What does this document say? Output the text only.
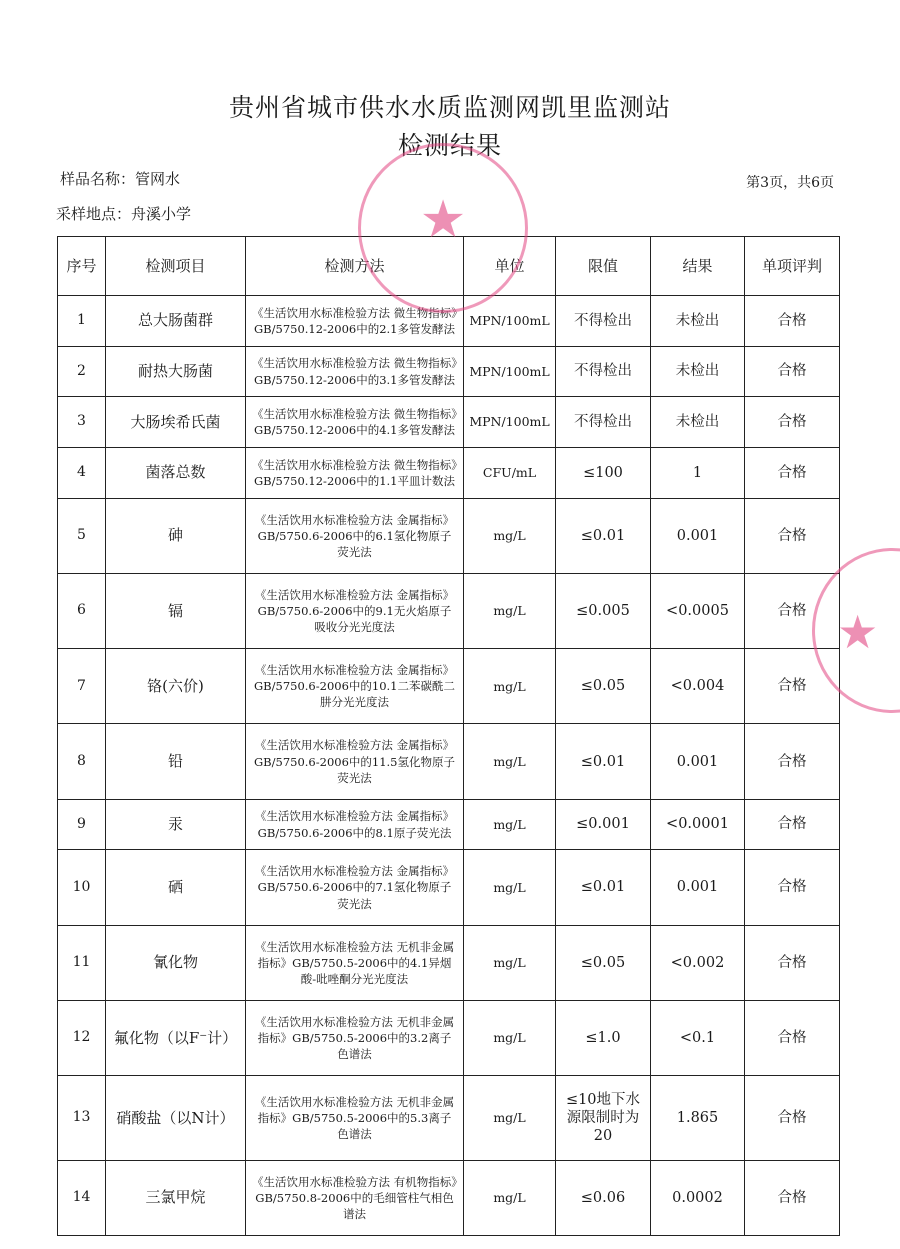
贵州省城市供水水质监测网凯里监测站
检测结果
样品名称：管网水	第3页，共6页
采样地点：舟溪小学
序号	检测项目	检测方法	单位	限值	结果	单项评判
1	总大肠菌群	《生活饮用水标准检验方法 微生物指标》GB/5750.12-2006中的2.1多管发酵法	MPN/100mL	不得检出	未检出	合格
2	耐热大肠菌	《生活饮用水标准检验方法 微生物指标》GB/5750.12-2006中的3.1多管发酵法	MPN/100mL	不得检出	未检出	合格
3	大肠埃希氏菌	《生活饮用水标准检验方法 微生物指标》GB/5750.12-2006中的4.1多管发酵法	MPN/100mL	不得检出	未检出	合格
4	菌落总数	《生活饮用水标准检验方法 微生物指标》GB/5750.12-2006中的1.1平皿计数法	CFU/mL	≤100	1	合格
5	砷	《生活饮用水标准检验方法 金属指标》GB/5750.6-2006中的6.1氢化物原子荧光法	mg/L	≤0.01	0.001	合格
6	镉	《生活饮用水标准检验方法 金属指标》GB/5750.6-2006中的9.1无火焰原子吸收分光光度法	mg/L	≤0.005	<0.0005	合格
7	铬(六价)	《生活饮用水标准检验方法 金属指标》GB/5750.6-2006中的10.1二苯碳酰二肼分光光度法	mg/L	≤0.05	<0.004	合格
8	铅	《生活饮用水标准检验方法 金属指标》GB/5750.6-2006中的11.5氢化物原子荧光法	mg/L	≤0.01	0.001	合格
9	汞	《生活饮用水标准检验方法 金属指标》GB/5750.6-2006中的8.1原子荧光法	mg/L	≤0.001	<0.0001	合格
10	硒	《生活饮用水标准检验方法 金属指标》GB/5750.6-2006中的7.1氢化物原子荧光法	mg/L	≤0.01	0.001	合格
11	氰化物	《生活饮用水标准检验方法 无机非金属指标》GB/5750.5-2006中的4.1异烟酸-吡唑酮分光光度法	mg/L	≤0.05	<0.002	合格
12	氟化物（以F⁻计）	《生活饮用水标准检验方法 无机非金属指标》GB/5750.5-2006中的3.2离子色谱法	mg/L	≤1.0	<0.1	合格
13	硝酸盐（以N计）	《生活饮用水标准检验方法 无机非金属指标》GB/5750.5-2006中的5.3离子色谱法	mg/L	≤10地下水源限制时为20	1.865	合格
14	三氯甲烷	《生活饮用水标准检验方法 有机物指标》GB/5750.8-2006中的毛细管柱气相色谱法	mg/L	≤0.06	0.0002	合格
★
★
